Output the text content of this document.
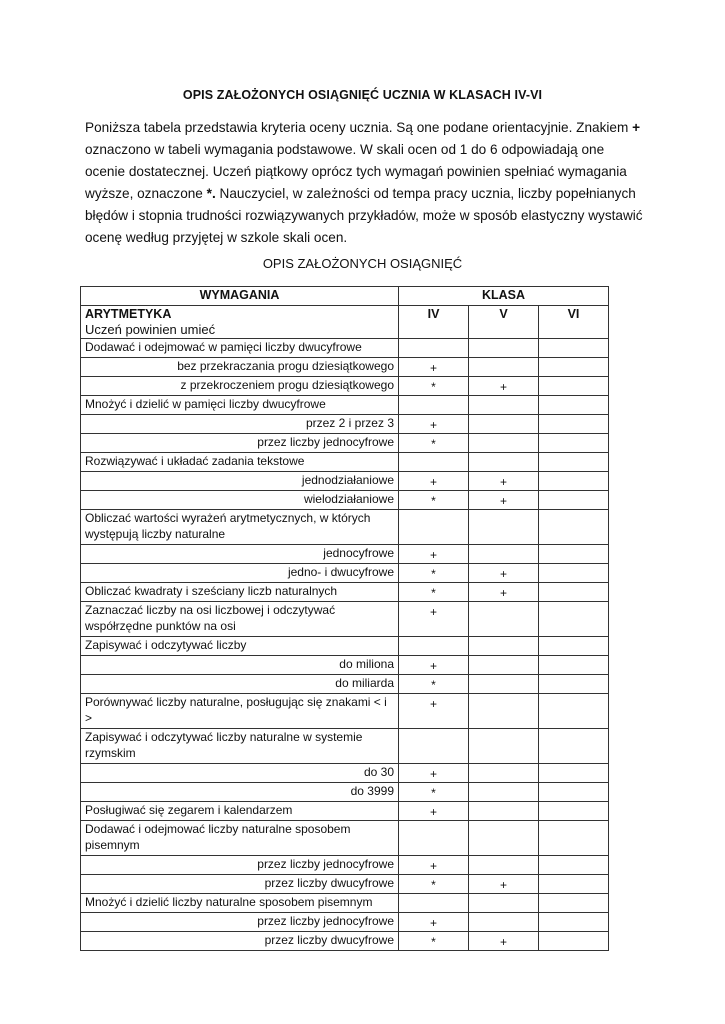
OPIS ZAŁOŻONYCH OSIĄGNIĘĆ UCZNIA W KLASACH IV-VI
Poniższa tabela przedstawia kryteria oceny ucznia. Są one podane orientacyjnie. Znakiem + oznaczono w tabeli wymagania podstawowe. W skali ocen od 1 do 6 odpowiadają one ocenie dostatecznej. Uczeń piątkowy oprócz tych wymagań powinien spełniać wymagania wyższe, oznaczone *. Nauczyciel, w zależności od tempa pracy ucznia, liczby popełnianych błędów i stopnia trudności rozwiązywanych przykładów, może w sposób elastyczny wystawić ocenę według przyjętej w szkole skali ocen.
OPIS ZAŁOŻONYCH OSIĄGNIĘĆ
WYMAGANIA	KLASA		

ARYTMETYKA
Uczeń powinien umieć	IV	V	VI
Dodawać i odejmować w pamięci liczby dwucyfrowe			
bez przekraczania progu dziesiątkowego	+		
z przekroczeniem progu dziesiątkowego	*	+	
Mnożyć i dzielić w pamięci liczby dwucyfrowe			
przez 2 i przez 3	+		
przez liczby jednocyfrowe	*		
Rozwiązywać i układać zadania tekstowe			
jednodziałaniowe	+	+	
wielodziałaniowe	*	+	
Obliczać wartości wyrażeń arytmetycznych, w których występują liczby naturalne			
jednocyfrowe	+		
jedno- i dwucyfrowe	*	+	
Obliczać kwadraty i sześciany liczb naturalnych	*	+	
Zaznaczać liczby na osi liczbowej i odczytywać współrzędne punktów na osi	+		
Zapisywać i odczytywać liczby			
do miliona	+		
do miliarda	*		
Porównywać liczby naturalne, posługując się znakami < i >	+		
Zapisywać i odczytywać liczby naturalne w systemie rzymskim			
do 30	+		
do 3999	*		
Posługiwać się zegarem i kalendarzem	+		
Dodawać i odejmować liczby naturalne sposobem pisemnym			
przez liczby jednocyfrowe	+		
przez liczby dwucyfrowe	*	+	
Mnożyć i dzielić liczby naturalne sposobem pisemnym			
przez liczby jednocyfrowe	+		
przez liczby dwucyfrowe	*	+	
